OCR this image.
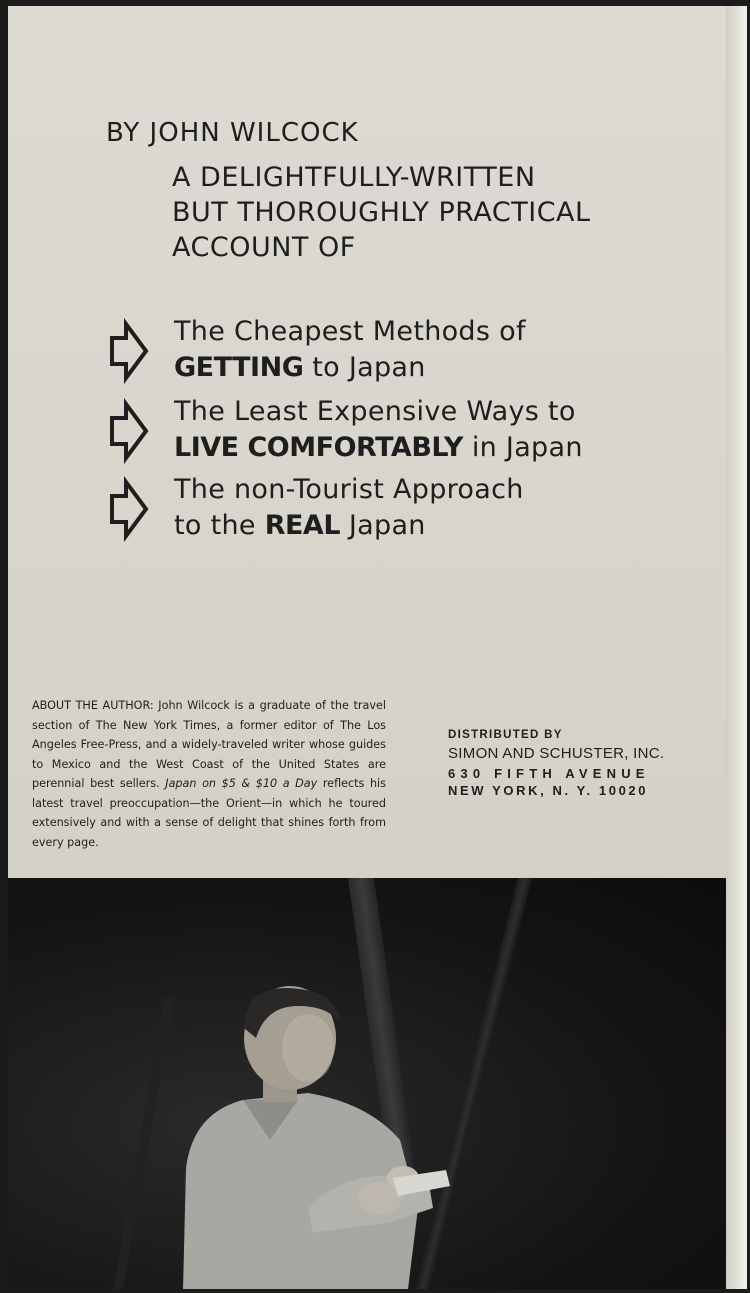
BY JOHN WILCOCK
A DELIGHTFULLY-WRITTEN
BUT THOROUGHLY PRACTICAL
ACCOUNT OF
The Cheapest Methods of
GETTING to Japan
The Least Expensive Ways to
LIVE COMFORTABLY in Japan
The non-Tourist Approach
to the REAL Japan
ABOUT THE AUTHOR: John Wilcock is a graduate of the travel section of The New York Times, a former editor of The Los Angeles Free-Press, and a widely-traveled writer whose guides to Mexico and the West Coast of the United States are perennial best sellers. Japan on $5 & $10 a Day reflects his latest travel preoccupation—the Orient—in which he toured extensively and with a sense of delight that shines forth from every page.
DISTRIBUTED BY
SIMON AND SCHUSTER, INC.
630 FIFTH AVENUE
NEW YORK, N. Y. 10020
